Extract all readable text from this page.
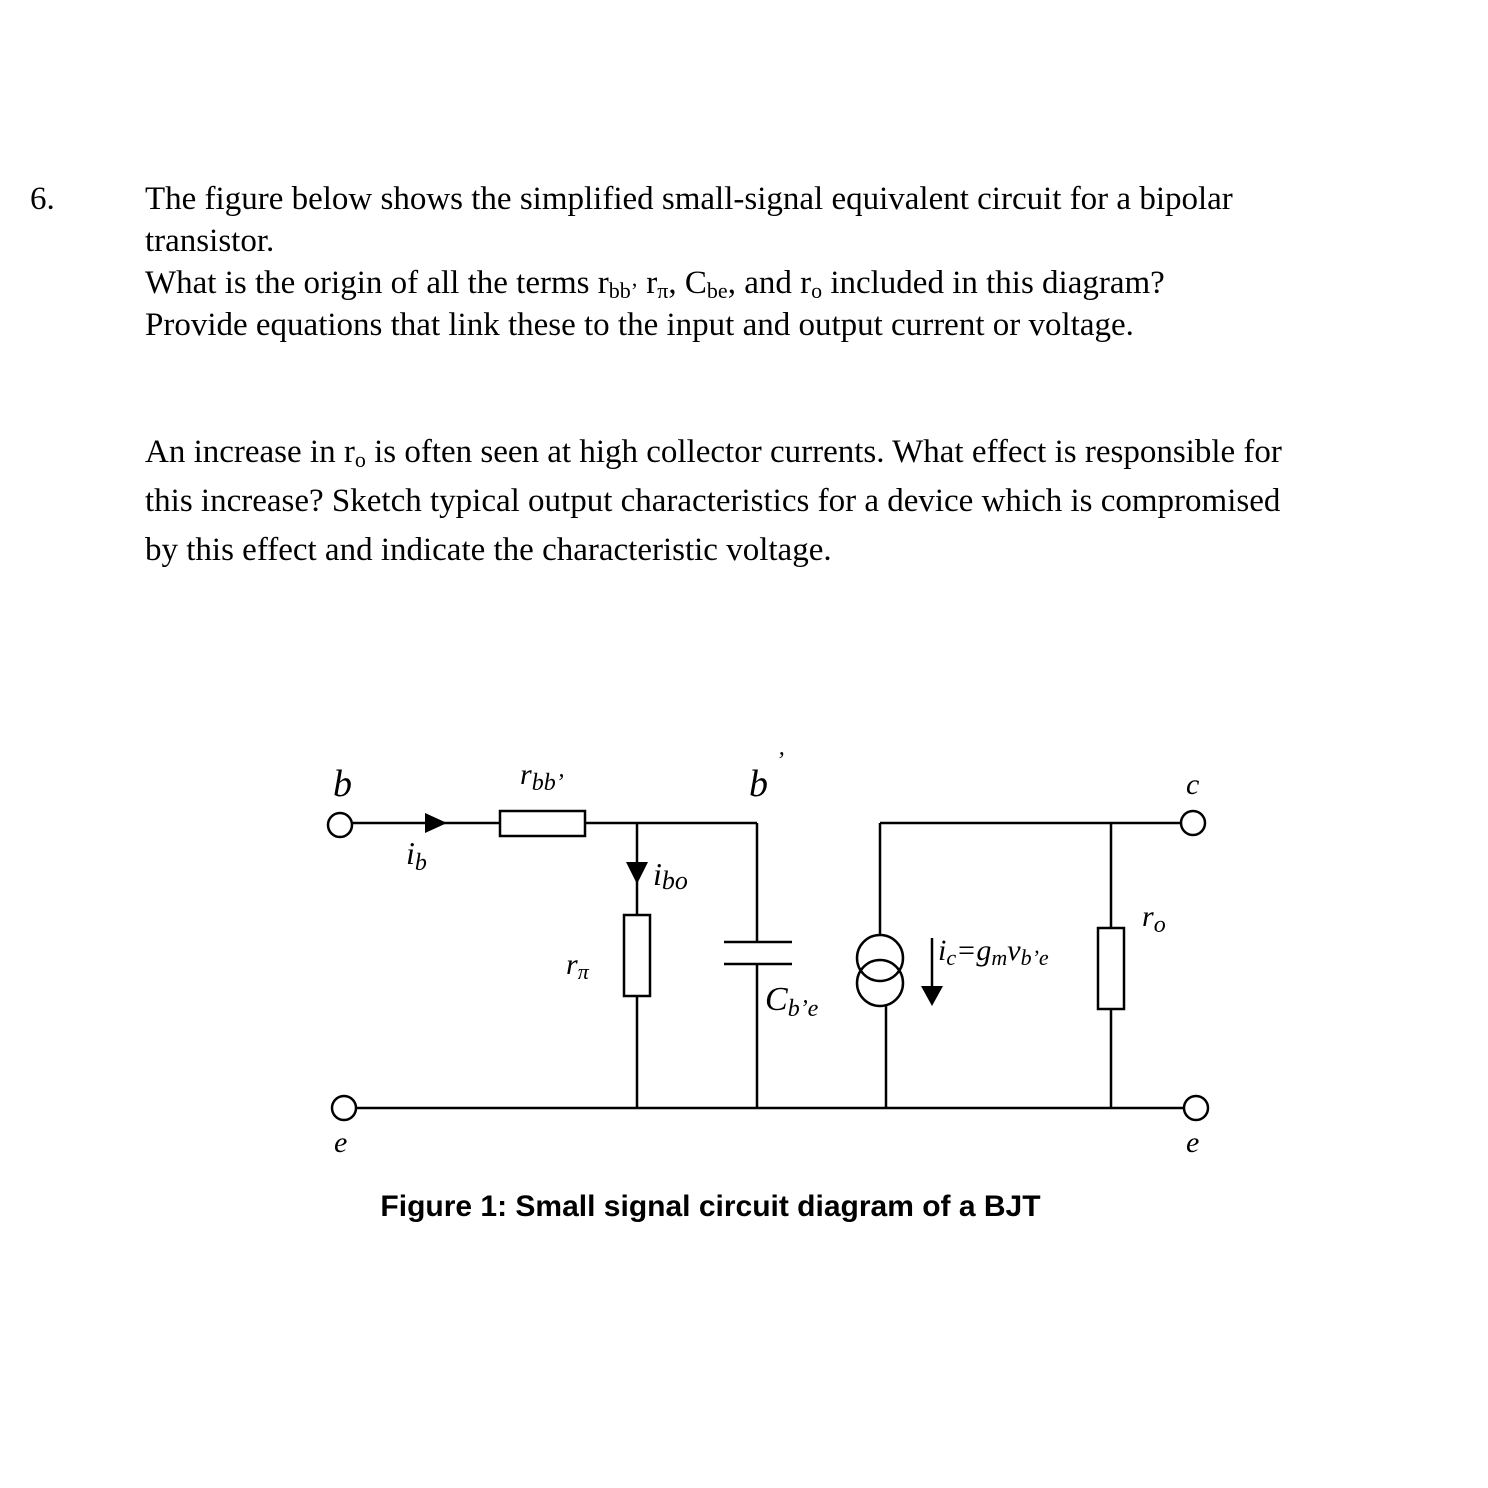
6.	The figure below shows the simplified small-signal equivalent circuit for a bipolar
transistor.
What is the origin of all the terms $r_{bb’}$ $r_\pi$, $C_{be}$, and $r_o$ included in this diagram?
Provide equations that link these to the input and output current or voltage.
An increase in $r_o$ is often seen at high collector currents. What effect is responsible for
this increase? Sketch typical output characteristics for a device which is compromised
by this effect and indicate the characteristic voltage.
b	$r_{bb’}$	b
’
c
ib	ibo
rπ
Cb’e
ic=gmvb’e
$r_o$
e	e
Figure 1: Small signal circuit diagram of a BJT
